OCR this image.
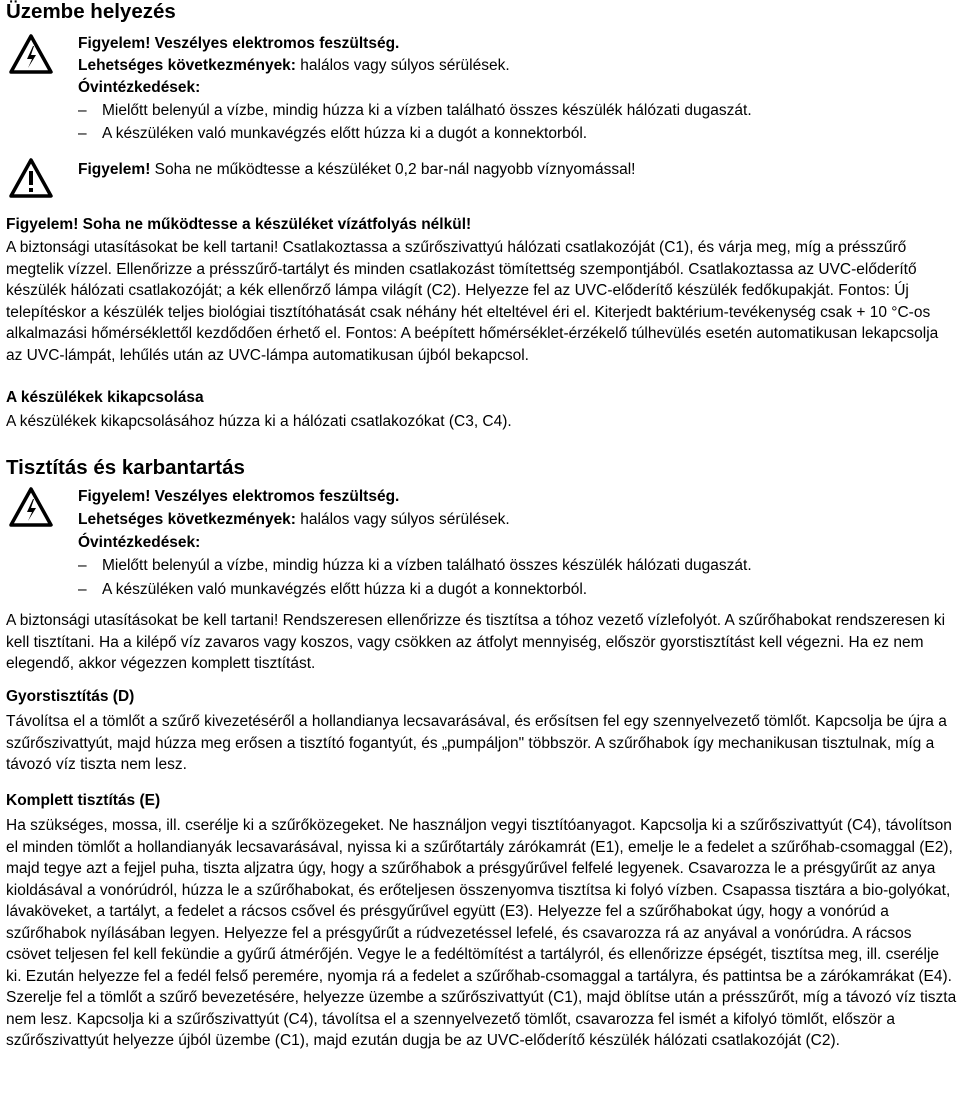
Üzembe helyezés
Figyelem! Veszélyes elektromos feszültség.
Lehetséges következmények: halálos vagy súlyos sérülések.
Óvintézkedések:
– Mielőtt belenyúl a vízbe, mindig húzza ki a vízben található összes készülék hálózati dugaszát.
– A készüléken való munkavégzés előtt húzza ki a dugót a konnektorból.
Figyelem! Soha ne működtesse a készüléket 0,2 bar-nál nagyobb víznyomással!
Figyelem! Soha ne működtesse a készüléket vízátfolyás nélkül!

A biztonsági utasításokat be kell tartani! Csatlakoztassa a szűrőszivattyú hálózati csatlakozóját (C1), és várja meg, míg a présszűrő megtelik vízzel. Ellenőrizze a présszűrő-tartályt és minden csatlakozást tömítettség szempontjából. Csatlakoztassa az UVC-előderítő készülék hálózati csatlakozóját; a kék ellenőrző lámpa világít (C2). Helyezze fel az UVC-előderítő készülék fedőkupakját. Fontos: Új telepítéskor a készülék teljes biológiai tisztítóhatását csak néhány hét elteltével éri el. Kiterjedt baktérium-tevékenység csak + 10 °C-os alkalmazási hőmérséklettől kezdődően érhető el. Fontos: A beépített hőmérséklet-érzékelő túlhevülés esetén automatikusan lekapcsolja az UVC-lámpát, lehűlés után az UVC-lámpa automatikusan újból bekapcsol.

A készülékek kikapcsolása
A készülékek kikapcsolásához húzza ki a hálózati csatlakozókat (C3, C4).
Tisztítás és karbantartás
Figyelem! Veszélyes elektromos feszültség.
Lehetséges következmények: halálos vagy súlyos sérülések.
Óvintézkedések:
– Mielőtt belenyúl a vízbe, mindig húzza ki a vízben található összes készülék hálózati dugaszát.
– A készüléken való munkavégzés előtt húzza ki a dugót a konnektorból.

A biztonsági utasításokat be kell tartani! Rendszeresen ellenőrizze és tisztítsa a tóhoz vezető vízlefolyót. A szűrőhabokat rendszeresen ki kell tisztítani. Ha a kilépő víz zavaros vagy koszos, vagy csökken az átfolyt mennyiség, először gyorstisztítást kell végezni. Ha ez nem elegendő, akkor végezzen komplett tisztítást.

Gyorstisztítás (D)

Távolítsa el a tömlőt a szűrő kivezetéséről a hollandianya lecsavarásával, és erősítsen fel egy szennyelvezető tömlőt. Kapcsolja be újra a szűrőszivattyút, majd húzza meg erősen a tisztító fogantyút, és „pumpáljon" többször. A szűrőhabok így mechanikusan tisztulnak, míg a távozó víz tiszta nem lesz.

Komplett tisztítás (E)

Ha szükséges, mossa, ill. cserélje ki a szűrőközegeket. Ne használjon vegyi tisztítóanyagot. Kapcsolja ki a szűrőszivattyút (C4), távolítson el minden tömlőt a hollandianyák lecsavarásával, nyissa ki a szűrőtartály zárókamrát (E1), emelje le a fedelet a szűrőhab-csomaggal (E2), majd tegye azt a fejjel puha, tiszta aljzatra úgy, hogy a szűrőhabok a présgyűrűvel felfelé legyenek. Csavarozza le a présgyűrűt az anya kioldásával a vonórúdról, húzza le a szűrőhabokat, és erőteljesen összenyomva tisztítsa ki folyó vízben. Csapassa tisztára a bio-golyókat, lávaköveket, a tartályt, a fedelet a rácsos csővel és présgyűrűvel együtt (E3). Helyezze fel a szűrőhabokat úgy, hogy a vonórúd a szűrőhabok nyílásában legyen. Helyezze fel a présgyűrűt a rúdvezetéssel lefelé, és csavarozza rá az anyával a vonórúdra. A rácsos csövet teljesen fel kell fekündie a gyűrű átmérőjén. Vegye le a fedéltömítést a tartályról, és ellenőrizze épségét, tisztítsa meg, ill. cserélje ki. Ezután helyezze fel a fedél felső peremére, nyomja rá a fedelet a szűrőhab-csomaggal a tartályra, és pattintsa be a zárókamrákat (E4). Szerelje fel a tömlőt a szűrő bevezetésére, helyezze üzembe a szűrőszivattyút (C1), majd öblítse után a présszűrőt, míg a távozó víz tiszta nem lesz. Kapcsolja ki a szűrőszivattyút (C4), távolítsa el a szennyelvezető tömlőt, csavarozza fel ismét a kifolyó tömlőt, először a szűrőszivattyút helyezze újból üzembe (C1), majd ezután dugja be az UVC-előderítő készülék hálózati csatlakozóját (C2).
